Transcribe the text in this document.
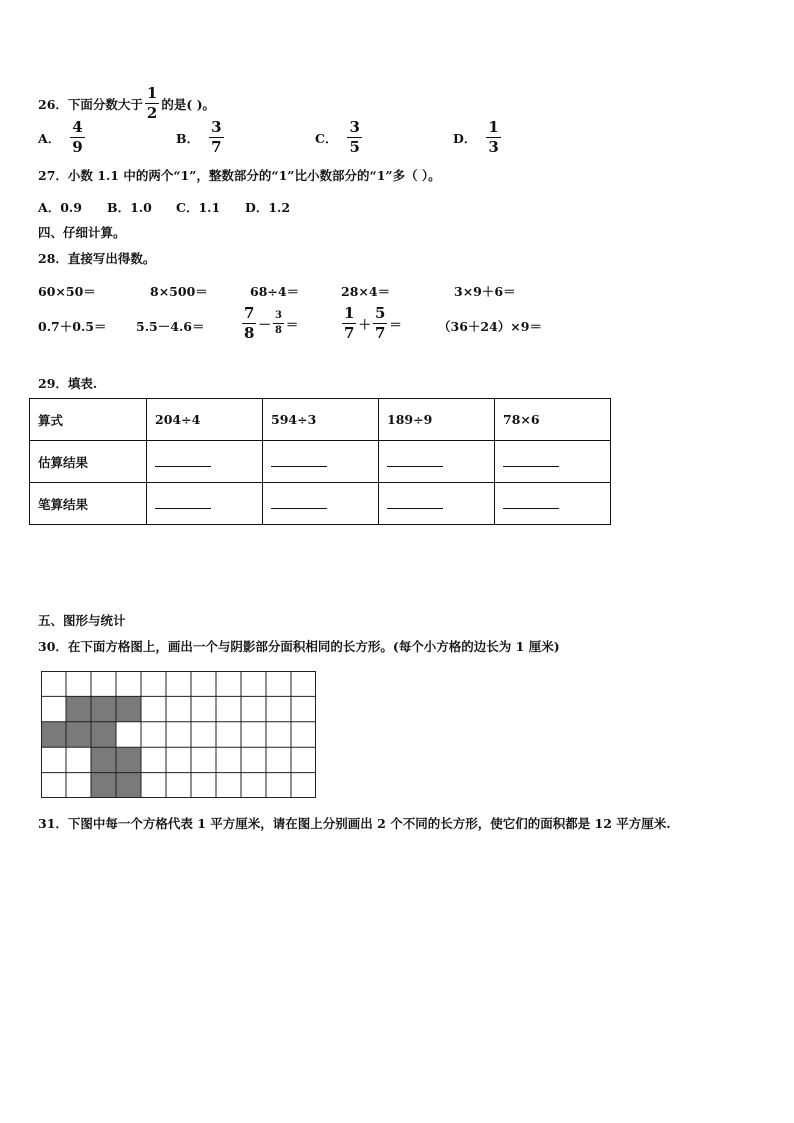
26．下面分数大于 $\frac{1}{2}$ 的是( )。
A． $\frac{4}{9}$	B． $\frac{3}{7}$	C． $\frac{3}{5}$	D． $\frac{1}{3}$
27．小数 1.1 中的两个“1”，整数部分的“1”比小数部分的“1”多（ ）。
A．0.9 B．1.0 C．1.1 D．1.2
四、仔细计算。
28．直接写出得数。
60×50＝	8×500＝	68÷4＝	28×4＝	3×9＋6＝
0.7＋0.5＝ 5.5－4.6＝	$\frac{7}{8} - \frac{3}{8}$ ＝	$\frac{1}{7} + \frac{5}{7}$ ＝	（36＋24）×9＝
29．填表.
算式	204÷4	594÷3	189÷9	78×6
估算结果				
笔算结果				
五、图形与统计
30．在下面方格图上，画出一个与阴影部分面积相同的长方形。(每个小方格的边长为 1 厘米)
31．下图中每一个方格代表 1 平方厘米，请在图上分别画出 2 个不同的长方形，使它们的面积都是 12 平方厘米.
